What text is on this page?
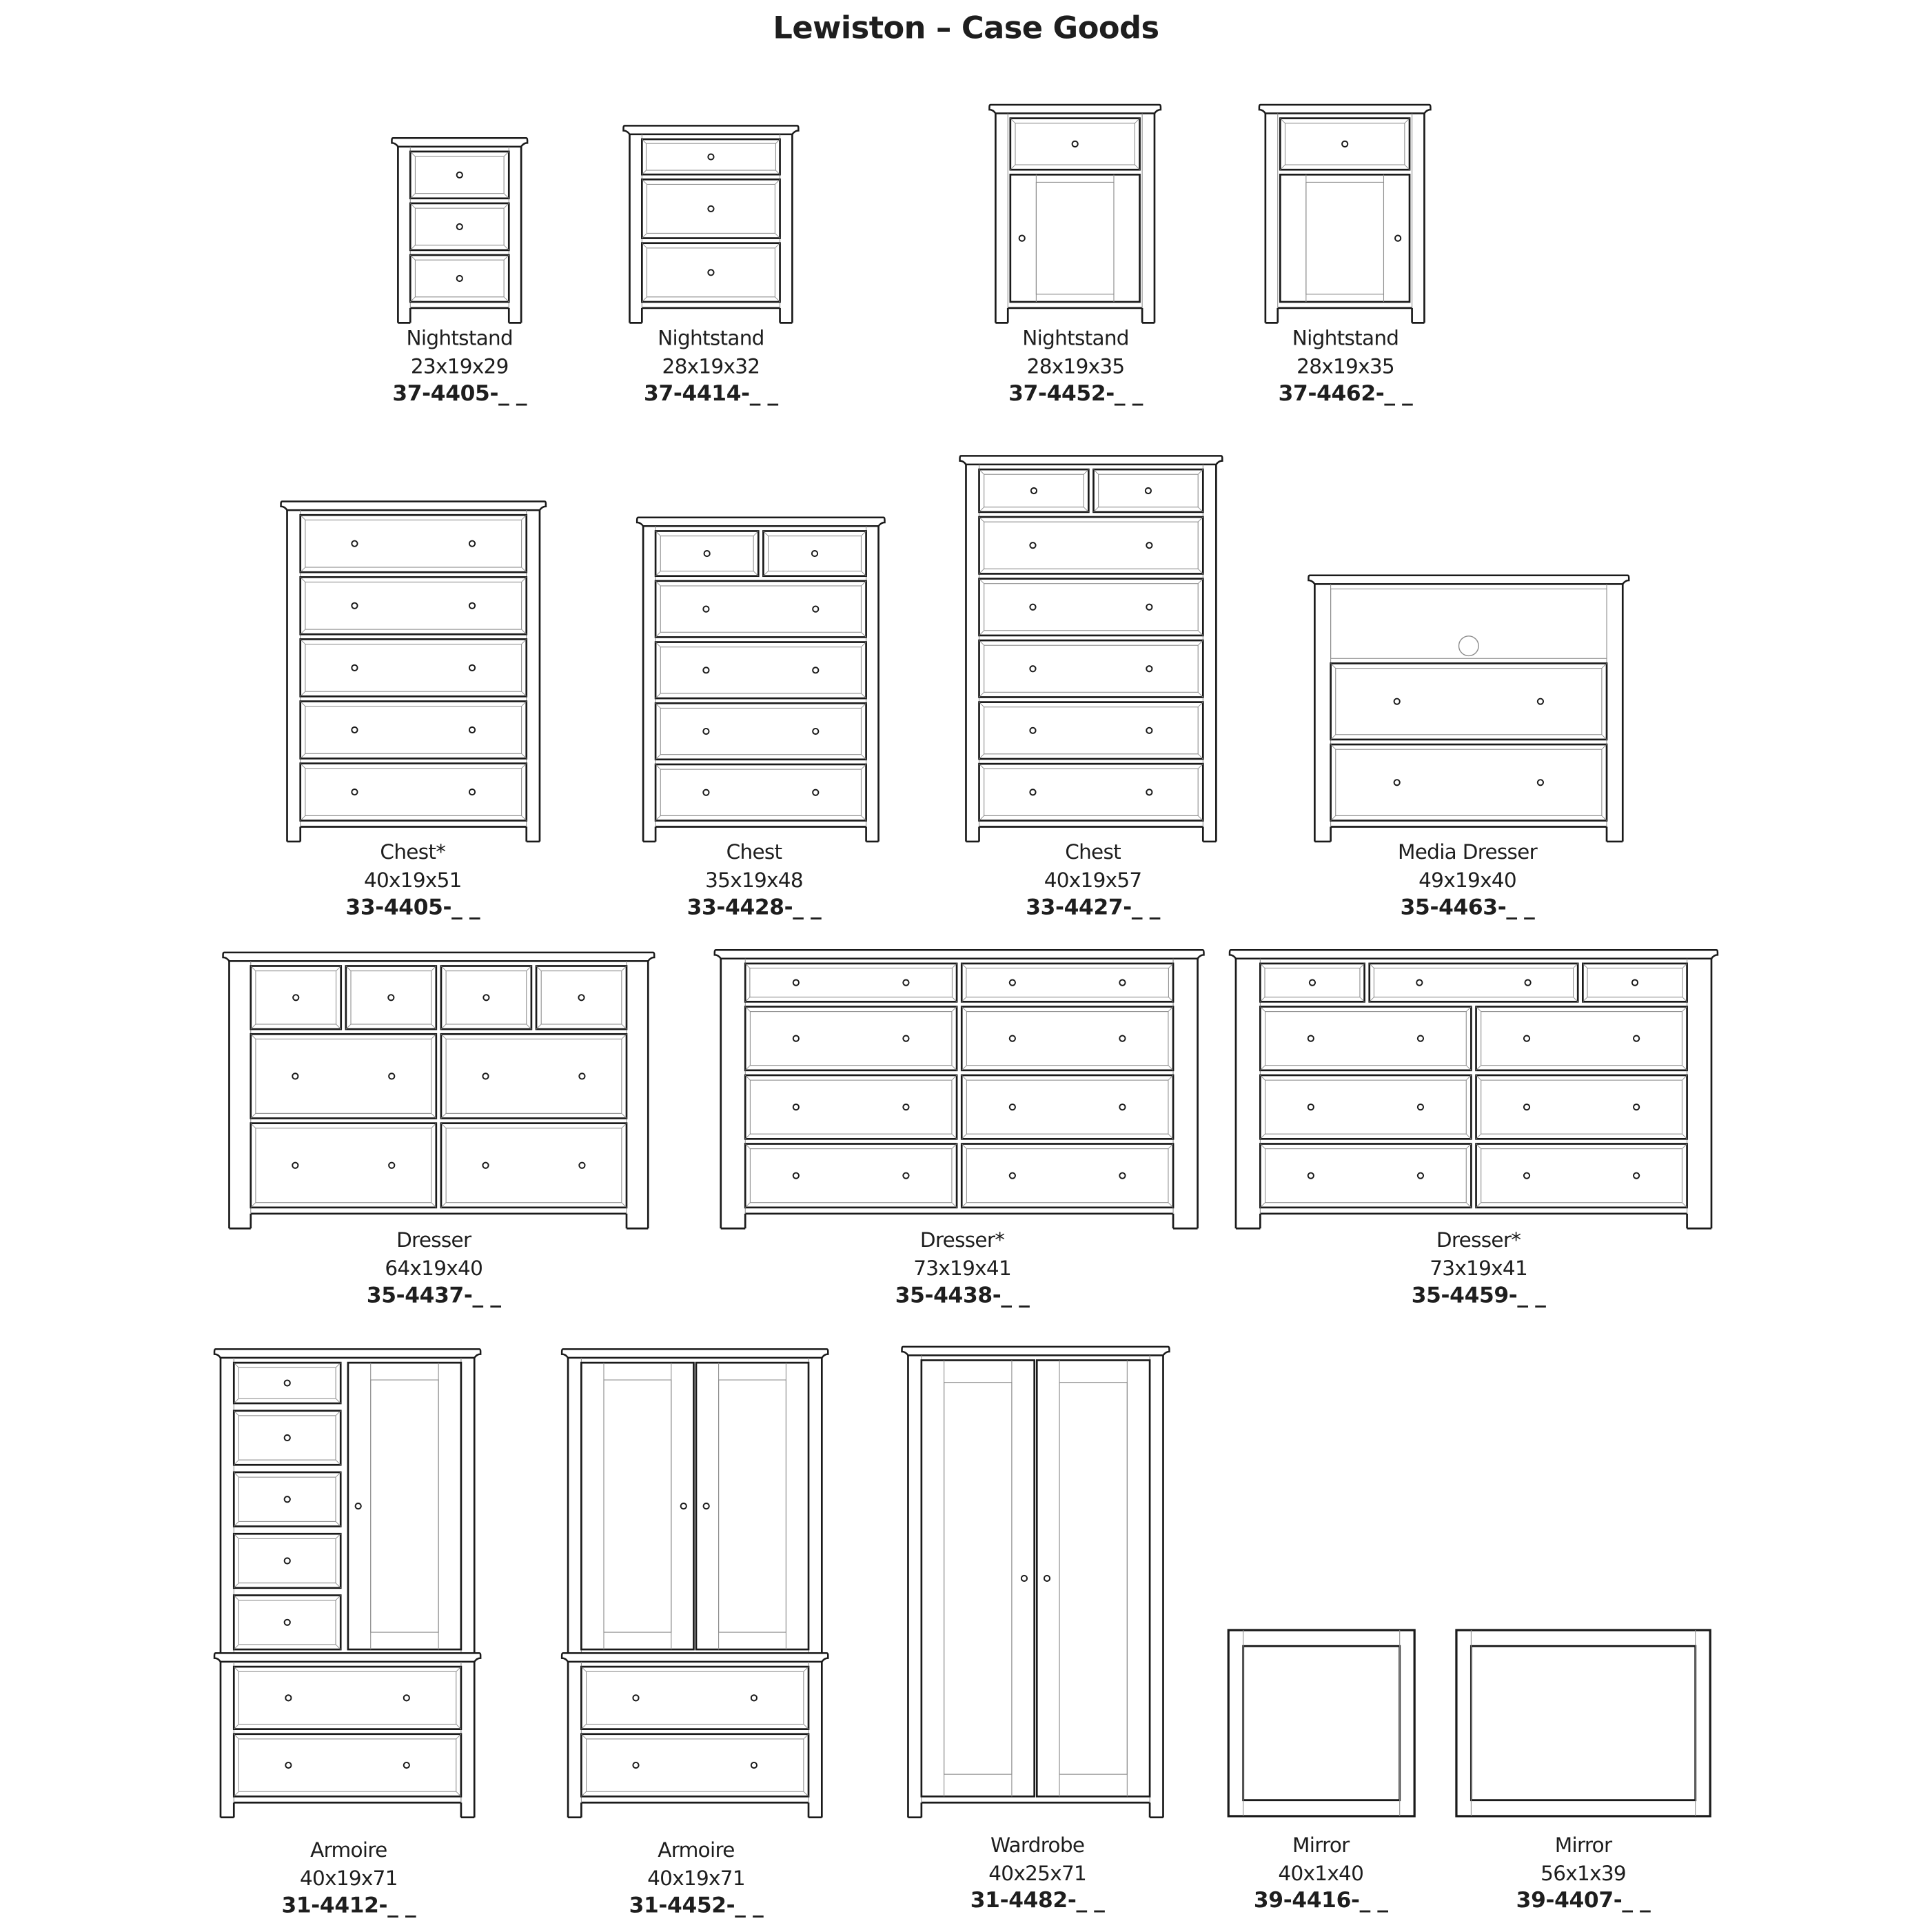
Lewiston – Case Goods
Nightstand
23x19x29
37-4405-_ _
Nightstand
28x19x32
37-4414-_ _
Nightstand
28x19x35
37-4452-_ _
Nightstand
28x19x35
37-4462-_ _
Chest*
40x19x51
33-4405-_ _
Chest
35x19x48
33-4428-_ _
Chest
40x19x57
33-4427-_ _
Media Dresser
49x19x40
35-4463-_ _
Dresser
64x19x40
35-4437-_ _
Dresser*
73x19x41
35-4438-_ _
Dresser*
73x19x41
35-4459-_ _
Armoire
40x19x71
31-4412-_ _
Armoire
40x19x71
31-4452-_ _
Wardrobe
40x25x71
31-4482-_ _
Mirror
40x1x40
39-4416-_ _
Mirror
56x1x39
39-4407-_ _
